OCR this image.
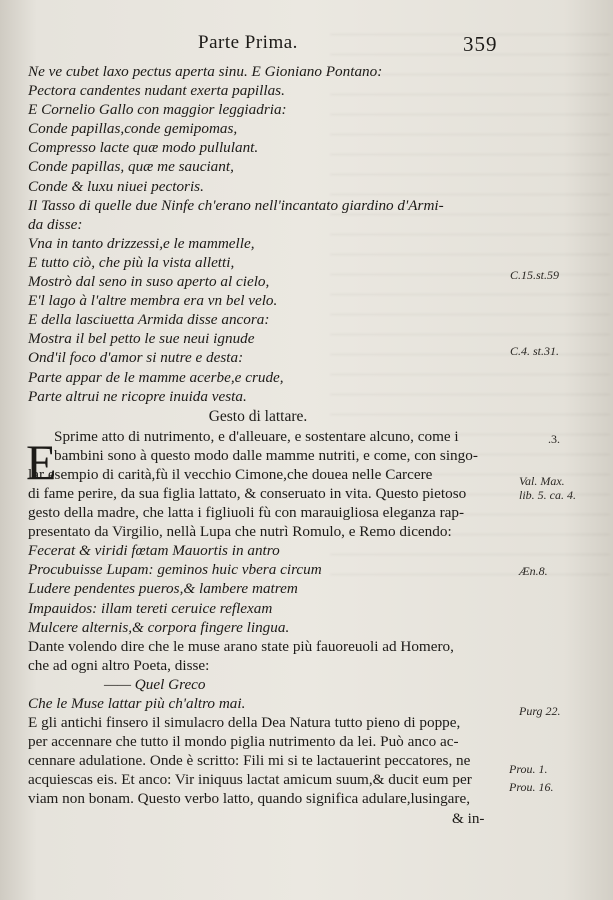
Parte Prima.	359
Ne ve cubet laxo pectus aperta sinu. E Gioniano Pontano:
Pectora candentes nudant exerta papillas.
E Cornelio Gallo con maggior leggiadria:
Conde papillas,conde gemipomas,
Compresso lacte quæ modo pullulant.
Conde papillas, quæ me sauciant,
Conde & luxu niuei pectoris.
Il Tasso di quelle due Ninfe ch'erano nell'incantato giardino d'Armi-
da disse:
Vna in tanto drizzessi,e le mammelle,
E tutto ciò, che più la vista alletti,
Mostrò dal seno in suso aperto al cielo,
E'l lago à l'altre membra era vn bel velo.
E della lasciuetta Armida disse ancora:
Mostra il bel petto le sue neui ignude
Ond'il foco d'amor si nutre e desta:
Parte appar de le mamme acerbe,e crude,
Parte altrui ne ricopre inuida vesta.
Gesto di lattare.
Sprime atto di nutrimento, e d'alleuare, e sostentare alcuno, come i
bambini sono à questo modo dalle mamme nutriti, e come, con singo-
lar esempio di carità,fù il vecchio Cimone,che douea nelle Carcere
di fame perire, da sua figlia lattato, & conseruato in vita. Questo pietoso
gesto della madre, che latta i figliuoli fù con marauigliosa eleganza rap-
presentato da Virgilio, nellà Lupa che nutrì Romulo, e Remo dicendo:
Fecerat & viridi fœtam Mauortis in antro
Procubuisse Lupam: geminos huic vbera circum
Ludere pendentes pueros,& lambere matrem
Impauidos: illam tereti ceruice reflexam
Mulcere alternis,& corpora fingere lingua.
Dante volendo dire che le muse arano state più fauoreuoli ad Homero,
che ad ogni altro Poeta, disse:
—— Quel Greco
Che le Muse lattar più ch'altro mai.
E gli antichi finsero il simulacro della Dea Natura tutto pieno di poppe,
per accennare che tutto il mondo piglia nutrimento da lei. Può anco ac-
cennare adulatione. Onde è scritto: Fili mi si te lactauerint peccatores, ne
acquiescas eis. Et anco: Vir iniquus lactat amicum suum,& ducit eum per
viam non bonam. Questo verbo latto, quando significa adulare,lusingare,
& in-
E
C.15.st.59
C.4. st.31.
.3.
Val. Max.
lib. 5. ca. 4.
Æn.8.
Purg 22.
Prou. 1.
Prou. 16.
